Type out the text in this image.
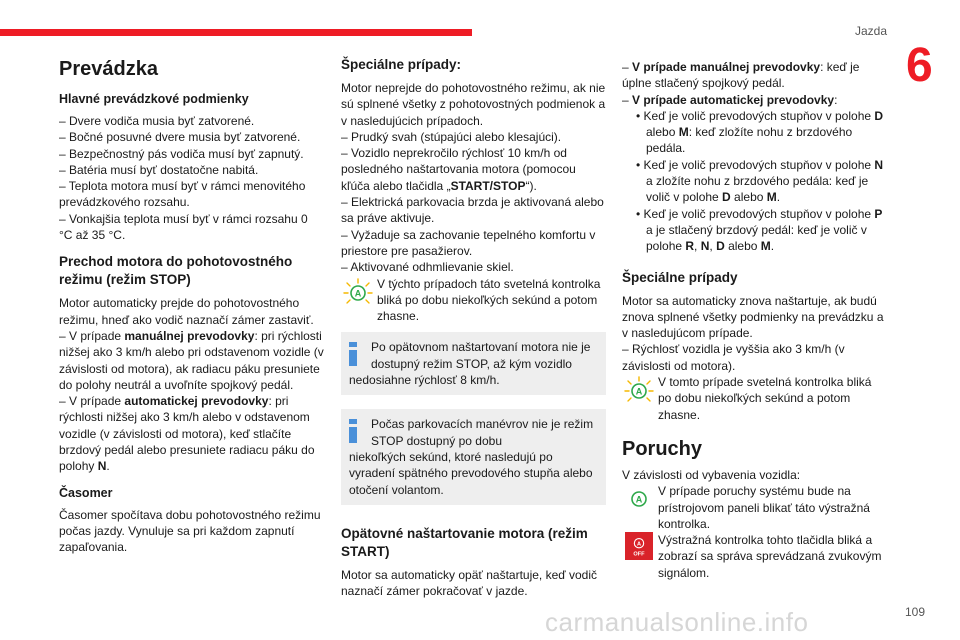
Jazda
6
Prevádzka
Hlavné prevádzkové podmienky

– Dvere vodiča musia byť zatvorené.

– Bočné posuvné dvere musia byť zatvorené.

– Bezpečnostný pás vodiča musí byť zapnutý.

– Batéria musí byť dostatočne nabitá.

– Teplota motora musí byť v rámci menovitého prevádzkového rozsahu.

– Vonkajšia teplota musí byť v rámci rozsahu 0 °C až 35 °C.

Prechod motora do pohotovostného režimu (režim STOP)

Motor automaticky prejde do pohotovostného režimu, hneď ako vodič naznačí zámer zastaviť.

– V prípade manuálnej prevodovky: pri rýchlosti nižšej ako 3 km/h alebo pri odstavenom vozidle (v závislosti od motora), ak radiacu páku presuniete do polohy neutrál a uvoľníte spojkový pedál.

– V prípade automatickej prevodovky: pri rýchlosti nižšej ako 3 km/h alebo v odstavenom vozidle (v závislosti od motora), keď stlačíte brzdový pedál alebo presuniete radiacu páku do polohy N.

Časomer

Časomer spočítava dobu pohotovostného režimu počas jazdy. Vynuluje sa pri každom zapnutí zapaľovania.

Špeciálne prípady:

Motor neprejde do pohotovostného režimu, ak nie sú splnené všetky z pohotovostných podmienok a v nasledujúcich prípadoch.

– Prudký svah (stúpajúci alebo klesajúci).

– Vozidlo neprekročilo rýchlosť 10 km/h od posledného naštartovania motora (pomocou kľúča alebo tlačidla „START/STOP“).

– Elektrická parkovacia brzda je aktivovaná alebo sa práve aktivuje.

– Vyžaduje sa zachovanie tepelného komfortu v priestore pre pasažierov.

– Aktivované odhmlievanie skiel.

A

V týchto prípadoch táto svetelná kontrolka bliká po dobu niekoľkých sekúnd a potom zhasne.

Po opätovnom naštartovaní motora nie je dostupný režim STOP, až kým vozidlo

nedosiahne rýchlosť 8 km/h.

Počas parkovacích manévrov nie je režim STOP dostupný po dobu

niekoľkých sekúnd, ktoré nasledujú po vyradení spätného prevodového stupňa alebo otočení volantom.

Opätovné naštartovanie motora (režim START)

Motor sa automaticky opäť naštartuje, keď vodič naznačí zámer pokračovať v jazde.

– V prípade manuálnej prevodovky: keď je úplne stlačený spojkový pedál.

– V prípade automatickej prevodovky:

• Keď je volič prevodových stupňov v polohe D alebo M: keď zložíte nohu z brzdového pedála.

• Keď je volič prevodových stupňov v polohe N a zložíte nohu z brzdového pedála: keď je volič v polohe D alebo M.

• Keď je volič prevodových stupňov v polohe P a je stlačený brzdový pedál: keď je volič v polohe R, N, D alebo M.

Špeciálne prípady

Motor sa automaticky znova naštartuje, ak budú znova splnené všetky podmienky na prevádzku a v nasledujúcom prípade.

– Rýchlosť vozidla je vyššia ako 3 km/h (v závislosti od motora).

A

V tomto prípade svetelná kontrolka bliká po dobu niekoľkých sekúnd a potom zhasne.

Poruchy

V závislosti od vybavenia vozidla:

A

V prípade poruchy systému bude na prístrojovom paneli blikať táto výstražná kontrolka.

A
OFF

Výstražná kontrolka tohto tlačidla bliká a zobrazí sa správa sprevádzaná zvukovým signálom.

carmanualsonline.info	109
